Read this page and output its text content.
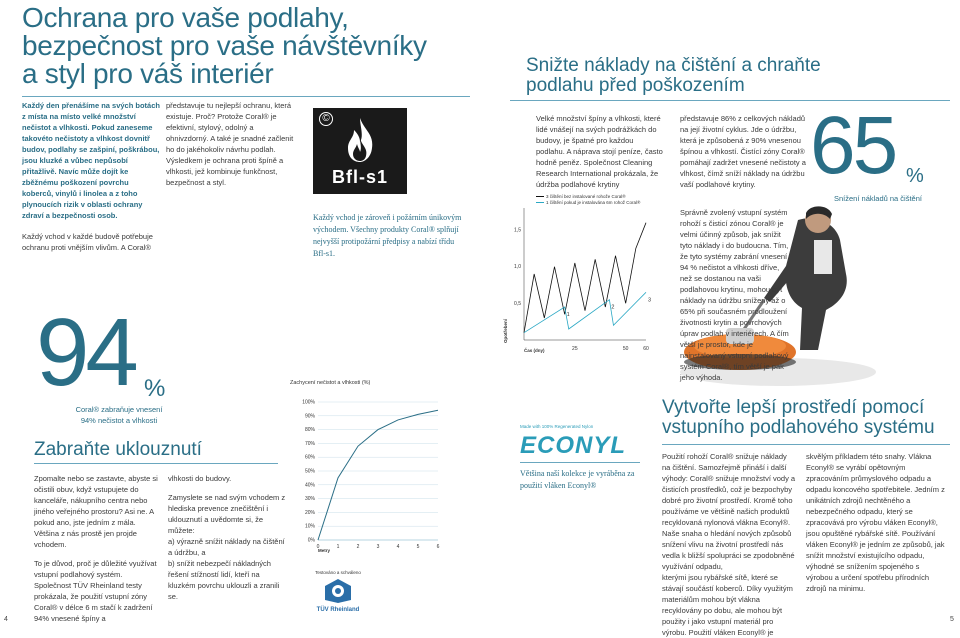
Ochrana pro vaše podlahy,
bezpečnost pro vaše návštěvníky
a styl pro váš interiér
Každý den přenášíme na svých botách z místa na místo velké množství nečistot a vlhkosti. Pokud zaneseme takovéto nečistoty a vlhkost dovnitř budov, podlahy se zašpiní, poškrábou, jsou kluzké a vůbec nepůsobí přitažlivě. Navíc může dojít ke zběžnému poškození povrchu koberců, vinylů i linolea a z toho plynoucích rizik v oblasti ochrany zdraví a bezpečnosti osob.
Každý vchod v každé budově potřebuje ochranu proti vnějším vlivům. A Coral®
představuje tu nejlepší ochranu, která existuje. Proč? Protože Coral® je efektivní, stylový, odolný a ohnivzdorný. A také je snadné začlenit ho do jakéhokoliv návrhu podlah. Výsledkem je ochrana proti špíně a vlhkosti, jež kombinuje funkčnost, bezpečnost a styl.
©
Bfl-s1
Každý vchod je zároveň i požárním únikovým východem. Všechny produkty Coral® splňují nejvyšší protipožární předpisy a nabízí třídu Bfl-s1.
94 %
Coral® zabraňuje vnesení
94% nečistot a vlhkosti
Zabraňte uklouznutí
Zpomalte nebo se zastavte, abyste si očistili obuv, když vstupujete do kanceláře, nákupního centra nebo jiného veřejného prostoru? Asi ne. A pokud ano, jste jedním z mála. Většina z nás prostě jen projde vchodem.
To je důvod, proč je důležité využívat vstupní podlahový systém. Společnost TÜV Rheinland testy prokázala, že použití vstupní zóny Coral® v délce 6 m stačí k zadržení 94% vnesené špíny a
vlhkosti do budovy.
Zamyslete se nad svým vchodem z hlediska prevence znečištění i uklouznutí a uvědomte si, že můžete:
a) výrazně snížit náklady na čištění a údržbu, a
b) snížit nebezpečí nákladných řešení stížností lidí, kteří na kluzkém povrchu uklouzli a zranili se.
Zachycení nečistot a vlhkosti (%)
0%
10%
20%
30%
40%
50%
60%
70%
80%
90%
100%
0	1	2	3	4	5	6
Metry
Testováno a schváleno
TÜV Rheinland
4
Snižte náklady na čištění a chraňte
podlahu před poškozením
Velké množství špíny a vlhkosti, které lidé vnášejí na svých podrážkách do budovy, je špatné pro každou podlahu. A náprava stojí peníze, často hodně peněz. Společnost Cleaning Research International prokázala, že údržba podlahové krytiny
představuje 86% z celkových nákladů na její životní cyklus. Jde o údržbu, která je způsobená z 90% vnesenou špínou a vlhkostí. Čistící zóny Coral® pomáhají zadržet vnesené nečistoty a vlhkost, čímž sníží náklady na údržbu vaší podlahové krytiny. 65 %
Snížení nákladů na čištění
3 čištění bez instalované rohože Coral®
1 čištění pokud je instalována 6m rohož Coral®
0,5
1,0
1,5
25	50	60
1
2
3
Čas (dny)
Opotřebení
Správně zvolený vstupní systém rohoží s čisticí zónou Coral® je velmi účinný způsob, jak snížit tyto náklady i do budoucna. Tím, že tyto systémy zabrání vnesení 94 % nečistot a vlhkosti dříve, než se dostanou na vaši podlahovou krytinu, mohou být náklady na údržbu sníženy až o 65% při současném prodloužení životnosti krytin a povrchových úprav podlah v interiérech. A čím větší je prostor, kde je nainstalovaný vstupní podlahový systém Coral®, tím větší je pak jeho výhoda.
Made with 100% Regenerated Nylon
ECONYL
Většina naší kolekce je vyráběna za použití vláken Econyl®
Vytvořte lepší prostředí pomocí
vstupního podlahového systému
Použití rohoží Coral® snižuje náklady na čištění. Samozřejmě přináší i další výhody: Coral® snižuje množství vody a čisticích prostředků, což je bezpochyby dobré pro životní prostředí. Kromě toho používáme ve většině našich produktů recyklovaná nylonová vlákna Econyl®. Naše snaha o hledání nových způsobů snížení vlivu na životní prostředí nás vedla k bližší spolupráci se zpodobněné využívání odpadu,
kterými jsou rybářské sítě, které se stávají součástí koberců. Díky využitým materiálům mohou být vlákna recyklovány po dobu, ale mohou být použity i jako vstupní materiál pro výrobu. Použití vláken Econyl® je
skvělým příkladem této snahy. Vlákna Econyl® se vyrábí opětovným zpracováním průmyslového odpadu a odpadu koncového spotřebitele. Jedním z unikátních zdrojů nechtěného a nebezpečného odpadu, který se zpracovává pro výrobu vláken Econyl®, jsou opuštěné rybářské sítě. Používání vláken Econyl® je jedním ze způsobů, jak snížit množství existujícího odpadu, výhodné se snížením spojeného s výrobou a určení spotřebu přírodních zdrojů na minimu.
5
